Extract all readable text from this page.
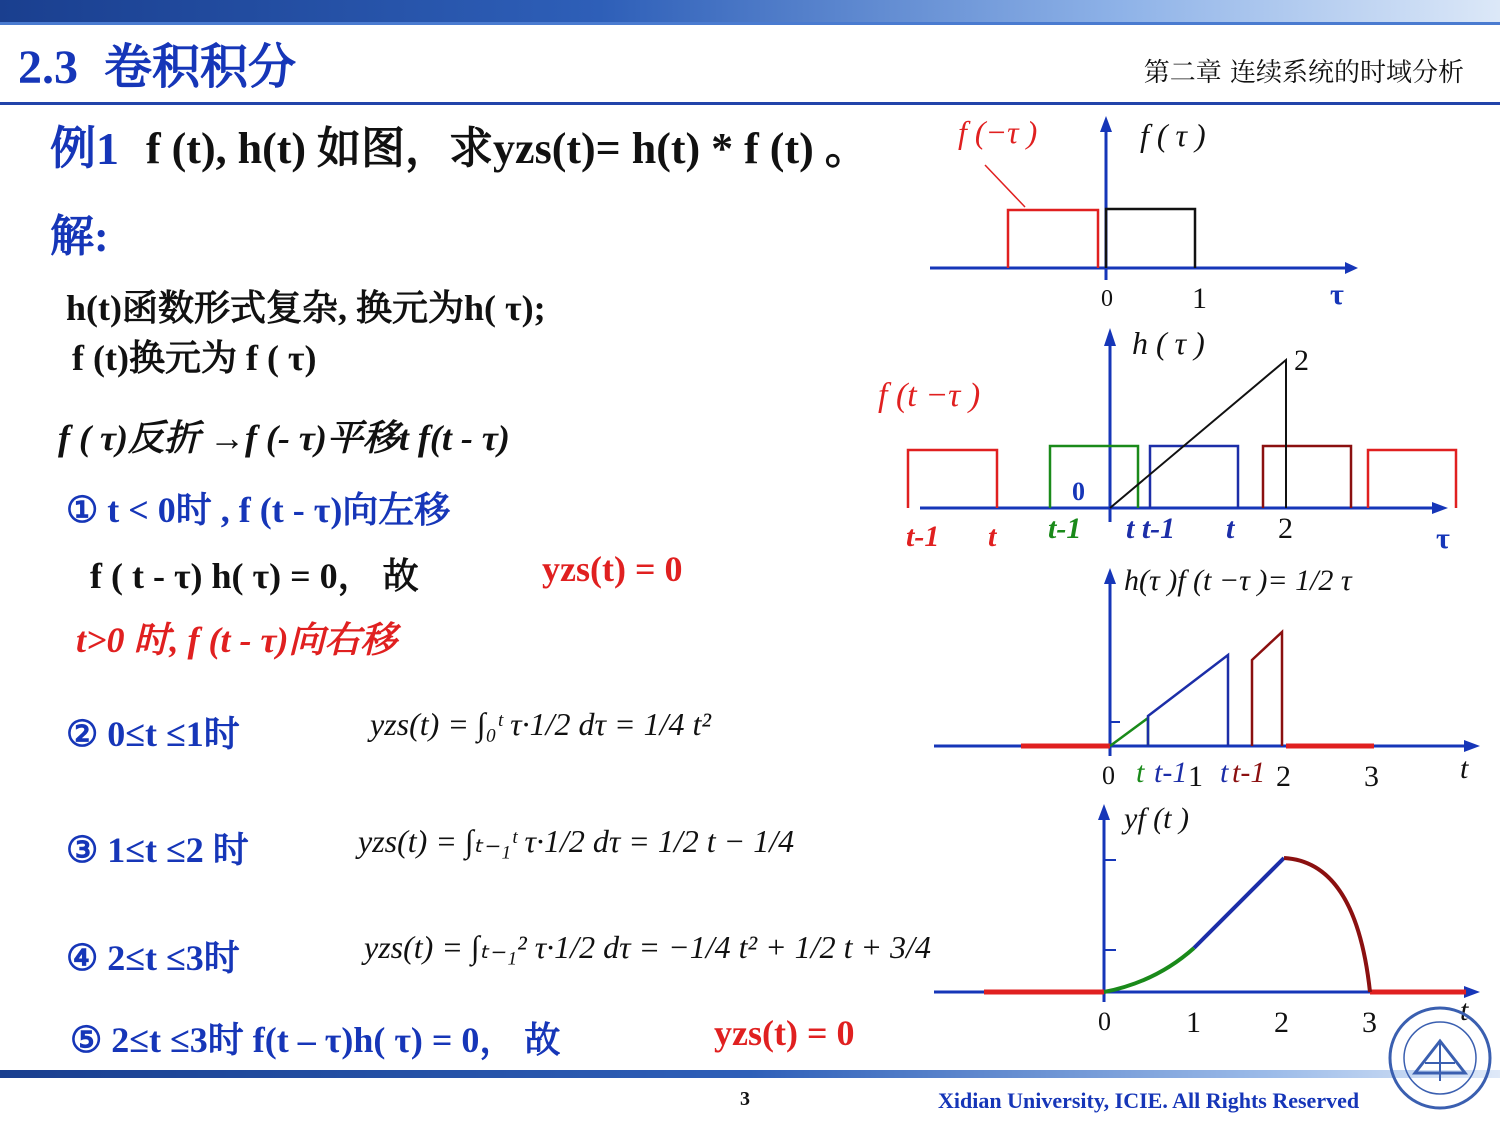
2.3 卷积积分	第二章 连续系统的时域分析
例1 f (t), h(t) 如图，求yzs(t)= h(t) * f (t) 。
解:
h(t)函数形式复杂, 换元为h( τ);
f (t)换元为 f ( τ)
f ( τ)反折 →f (- τ)平移t f(t - τ)
① t < 0时 , f (t - τ)向左移
f ( t - τ) h( τ) = 0， 故	yzs(t) = 0
t>0 时, f (t - τ)向右移
② 0≤t ≤1时
③ 1≤t ≤2 时
④ 2≤t ≤3时
⑤ 2≤t ≤3时 f(t – τ)h( τ) = 0， 故	yzs(t) = 0
yzs(t) = ∫₀ᵗ τ·1/2 dτ = 1/4 t²
yzs(t) = ∫ₜ₋₁ᵗ τ·1/2 dτ = 1/2 t − 1/4
yzs(t) = ∫ₜ₋₁² τ·1/2 dτ = −1/4 t² + 1/2 t + 3/4
f (−τ )	f ( τ )
0	1	τ
h ( τ )
f (t −τ )
2
0
t-1 t t-1 t t-1 t 2	τ
h(τ )f (t −τ )= 1/2 τ
0 t t-1 1 t t-1 2 3	t
yf (t )
0	1 2 3	t
3	Xidian University, ICIE. All Rights Reserved
